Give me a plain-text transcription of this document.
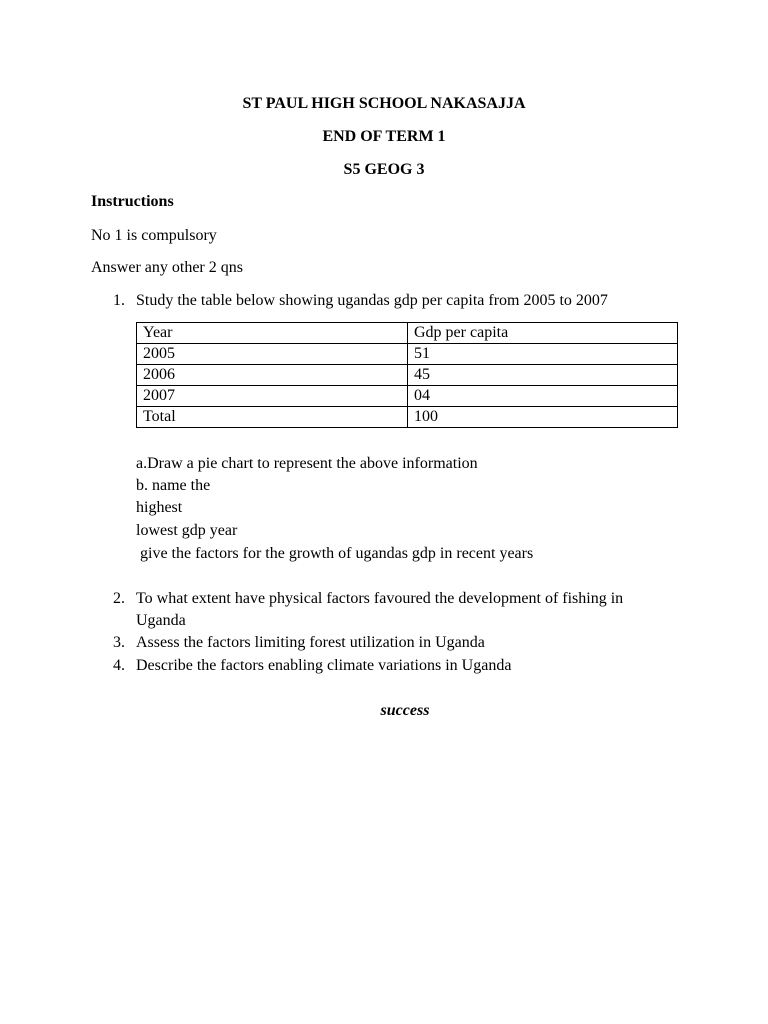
ST PAUL HIGH SCHOOL NAKASAJJA
END OF TERM 1
S5 GEOG 3
Instructions
No 1 is compulsory
Answer any other 2 qns
1. Study the table below showing ugandas gdp per capita from 2005 to 2007
Year	Gdp per capita
2005	51
2006	45
2007	04
Total	100
a.Draw a pie chart to represent the above information
b. name the
highest
lowest gdp year
give the factors for the growth of ugandas gdp in recent years
2. To what extent have physical factors favoured the development of fishing in
Uganda
3. Assess the factors limiting forest utilization in Uganda
4. Describe the factors enabling climate variations in Uganda
success
